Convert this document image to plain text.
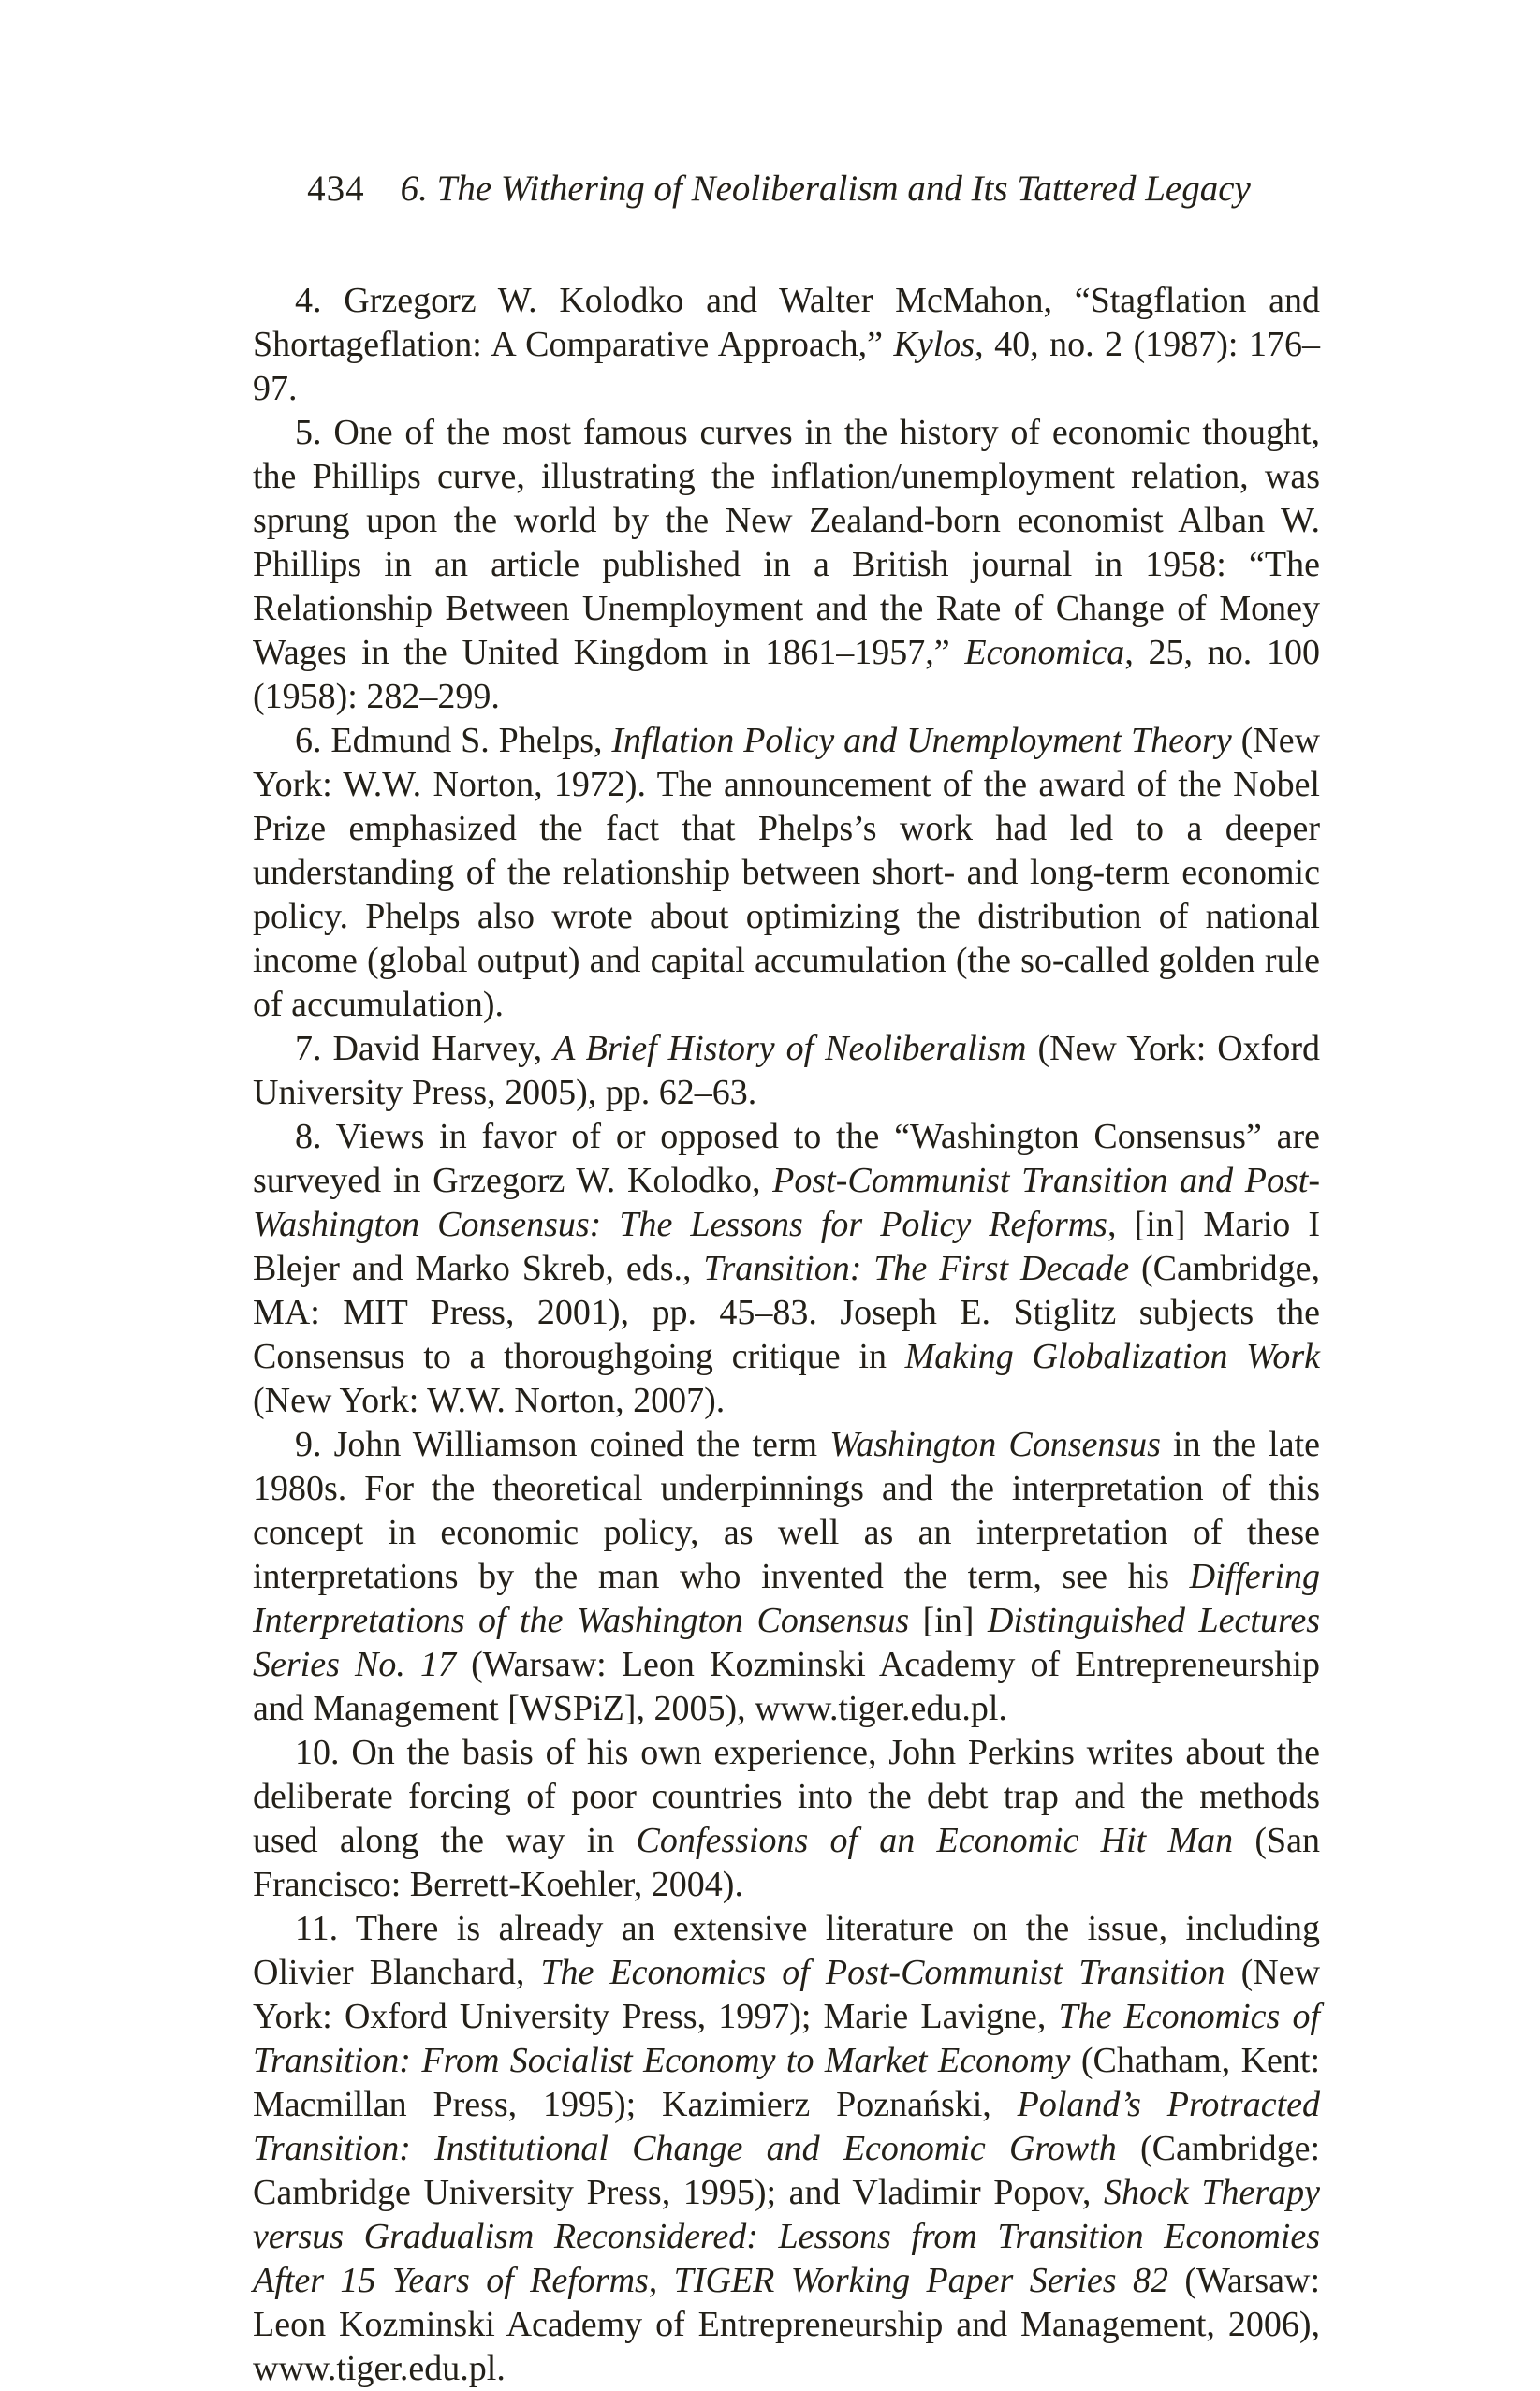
434 6. The Withering of Neoliberalism and Its Tattered Legacy

4. Grzegorz W. Kolodko and Walter McMahon, “Stagflation and Shortageflation: A Comparative Approach,” Kylos, 40, no. 2 (1987): 176–97.

5. One of the most famous curves in the history of economic thought, the Phillips curve, illustrating the inflation/unemployment relation, was sprung upon the world by the New Zealand-born economist Alban W. Phillips in an article published in a British journal in 1958: “The Relationship Between Unemployment and the Rate of Change of Money Wages in the United Kingdom in 1861–1957,” Economica, 25, no. 100 (1958): 282–299.

6. Edmund S. Phelps, Inflation Policy and Unemployment Theory (New York: W.W. Norton, 1972). The announcement of the award of the Nobel Prize emphasized the fact that Phelps’s work had led to a deeper understanding of the relationship between short- and long-term economic policy. Phelps also wrote about optimizing the distribution of national income (global output) and capital accumulation (the so-called golden rule of accumulation).

7. David Harvey, A Brief History of Neoliberalism (New York: Oxford University Press, 2005), pp. 62–63.

8. Views in favor of or opposed to the “Washington Consensus” are surveyed in Grzegorz W. Kolodko, Post-Communist Transition and Post-Washington Consensus: The Lessons for Policy Reforms, [in] Mario I Blejer and Marko Skreb, eds., Transition: The First Decade (Cambridge, MA: MIT Press, 2001), pp. 45–83. Joseph E. Stiglitz subjects the Consensus to a thoroughgoing critique in Making Globalization Work (New York: W.W. Norton, 2007).

9. John Williamson coined the term Washington Consensus in the late 1980s. For the theoretical underpinnings and the interpretation of this concept in economic policy, as well as an interpretation of these interpretations by the man who invented the term, see his Differing Interpretations of the Washington Consensus [in] Distinguished Lectures Series No. 17 (Warsaw: Leon Kozminski Academy of Entrepreneurship and Management [WSPiZ], 2005), www.tiger.edu.pl.

10. On the basis of his own experience, John Perkins writes about the deliberate forcing of poor countries into the debt trap and the methods used along the way in Confessions of an Economic Hit Man (San Francisco: Berrett-Koehler, 2004).

11. There is already an extensive literature on the issue, including Olivier Blanchard, The Economics of Post-Communist Transition (New York: Oxford University Press, 1997); Marie Lavigne, The Economics of Transition: From Socialist Economy to Market Economy (Chatham, Kent: Macmillan Press, 1995); Kazimierz Poznański, Poland’s Protracted Transition: Institutional Change and Economic Growth (Cambridge: Cambridge University Press, 1995); and Vladimir Popov, Shock Therapy versus Gradualism Reconsidered: Lessons from Transition Economies After 15 Years of Reforms, TIGER Working Paper Series 82 (Warsaw: Leon Kozminski Academy of Entrepreneurship and Management, 2006), www.tiger.edu.pl.
